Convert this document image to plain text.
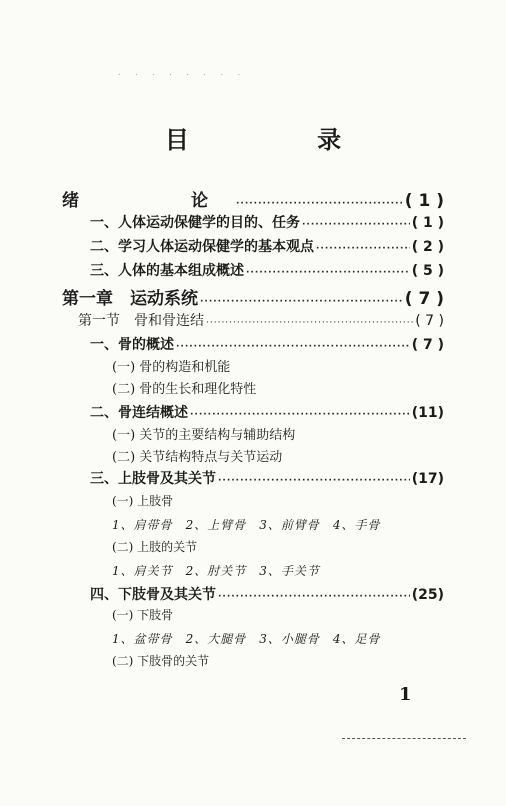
. . . . . . . .
目 录
绪　　论 ·····	( 1 )
一、人体运动保健学的目的、任务 ·····	( 1 )
二、学习人体运动保健学的基本观点 ·····	( 2 )
三、人体的基本组成概述 ·····	( 5 )
第一章　运动系统 ·····	( 7 )
第一节　骨和骨连结 ·····	( 7 )
一、骨的概述 ·····	( 7 )
(一) 骨的构造和机能
(二) 骨的生长和理化特性
二、骨连结概述 ·····	(11)
(一) 关节的主要结构与辅助结构
(二) 关节结构特点与关节运动
三、上肢骨及其关节 ·····	(17)
(一) 上肢骨
1、肩带骨　2、上臂骨　3、前臂骨　4、手骨
(二) 上肢的关节
1、肩关节　2、肘关节　3、手关节
四、下肢骨及其关节 ·····	(25)
(一) 下肢骨
1、盆带骨　2、大腿骨　3、小腿骨　4、足骨
(二) 下肢骨的关节
1
